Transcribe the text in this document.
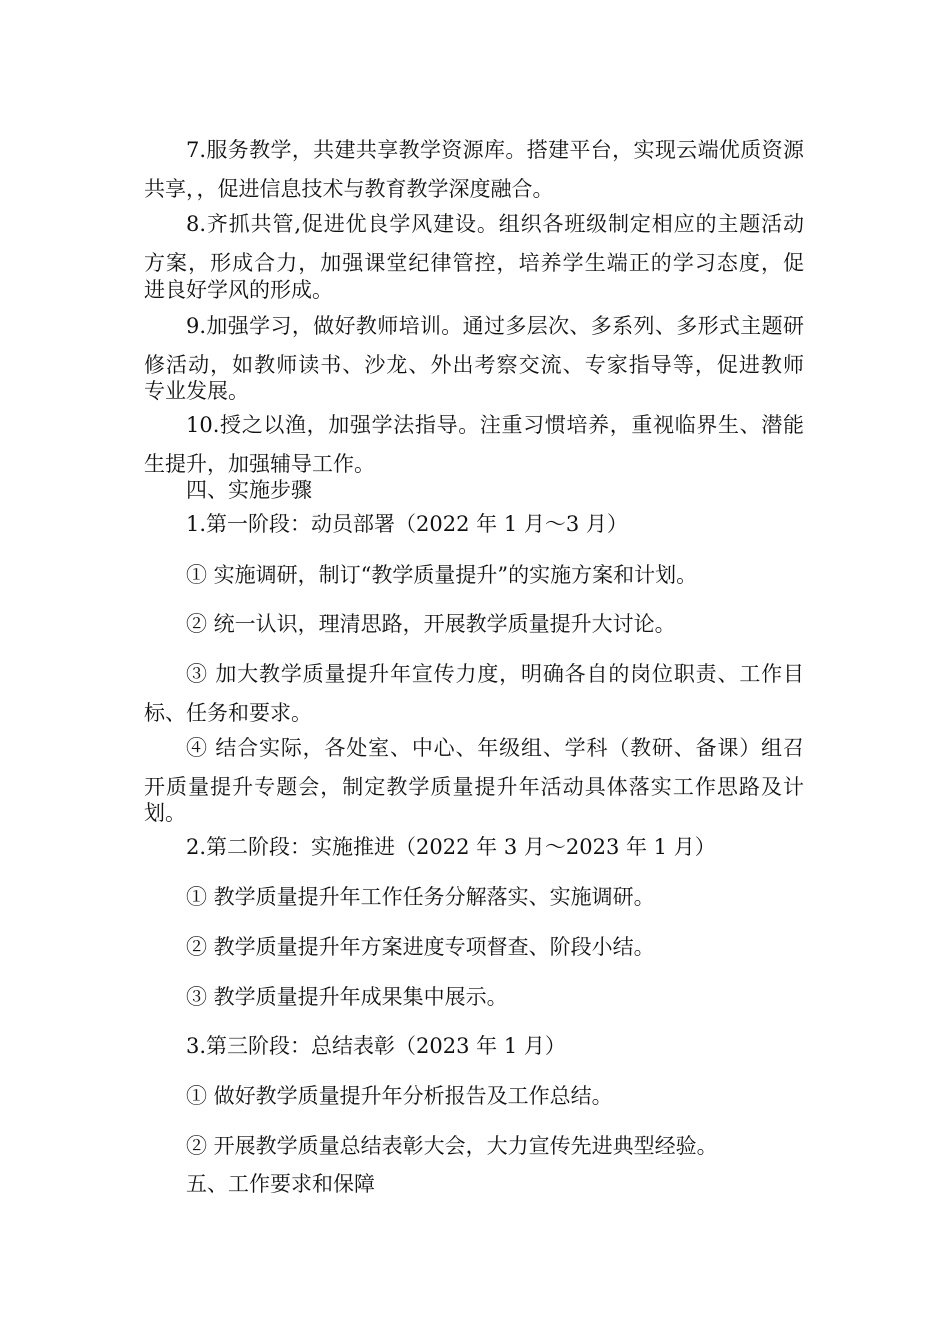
7.服务教学，共建共享教学资源库。搭建平台，实现云端优质资源
共享，，促进信息技术与教育教学深度融合。
8.齐抓共管,促进优良学风建设。组织各班级制定相应的主题活动
方案，形成合力，加强课堂纪律管控，培养学生端正的学习态度，促
进良好学风的形成。
9.加强学习，做好教师培训。通过多层次、多系列、多形式主题研
修活动，如教师读书、沙龙、外出考察交流、专家指导等，促进教师
专业发展。
10.授之以渔，加强学法指导。注重习惯培养，重视临界生、潜能
生提升，加强辅导工作。
四、实施步骤
1.第一阶段：动员部署（2022 年 1 月～3 月）
① 实施调研，制订“教学质量提升”的实施方案和计划。
② 统一认识，理清思路，开展教学质量提升大讨论。
③ 加大教学质量提升年宣传力度，明确各自的岗位职责、工作目
标、任务和要求。
④ 结合实际，各处室、中心、年级组、学科（教研、备课）组召
开质量提升专题会，制定教学质量提升年活动具体落实工作思路及计
划。
2.第二阶段：实施推进（2022 年 3 月～2023 年 1 月）
① 教学质量提升年工作任务分解落实、实施调研。
② 教学质量提升年方案进度专项督查、阶段小结。
③ 教学质量提升年成果集中展示。
3.第三阶段：总结表彰（2023 年 1 月）
① 做好教学质量提升年分析报告及工作总结。
② 开展教学质量总结表彰大会，大力宣传先进典型经验。
五、工作要求和保障
